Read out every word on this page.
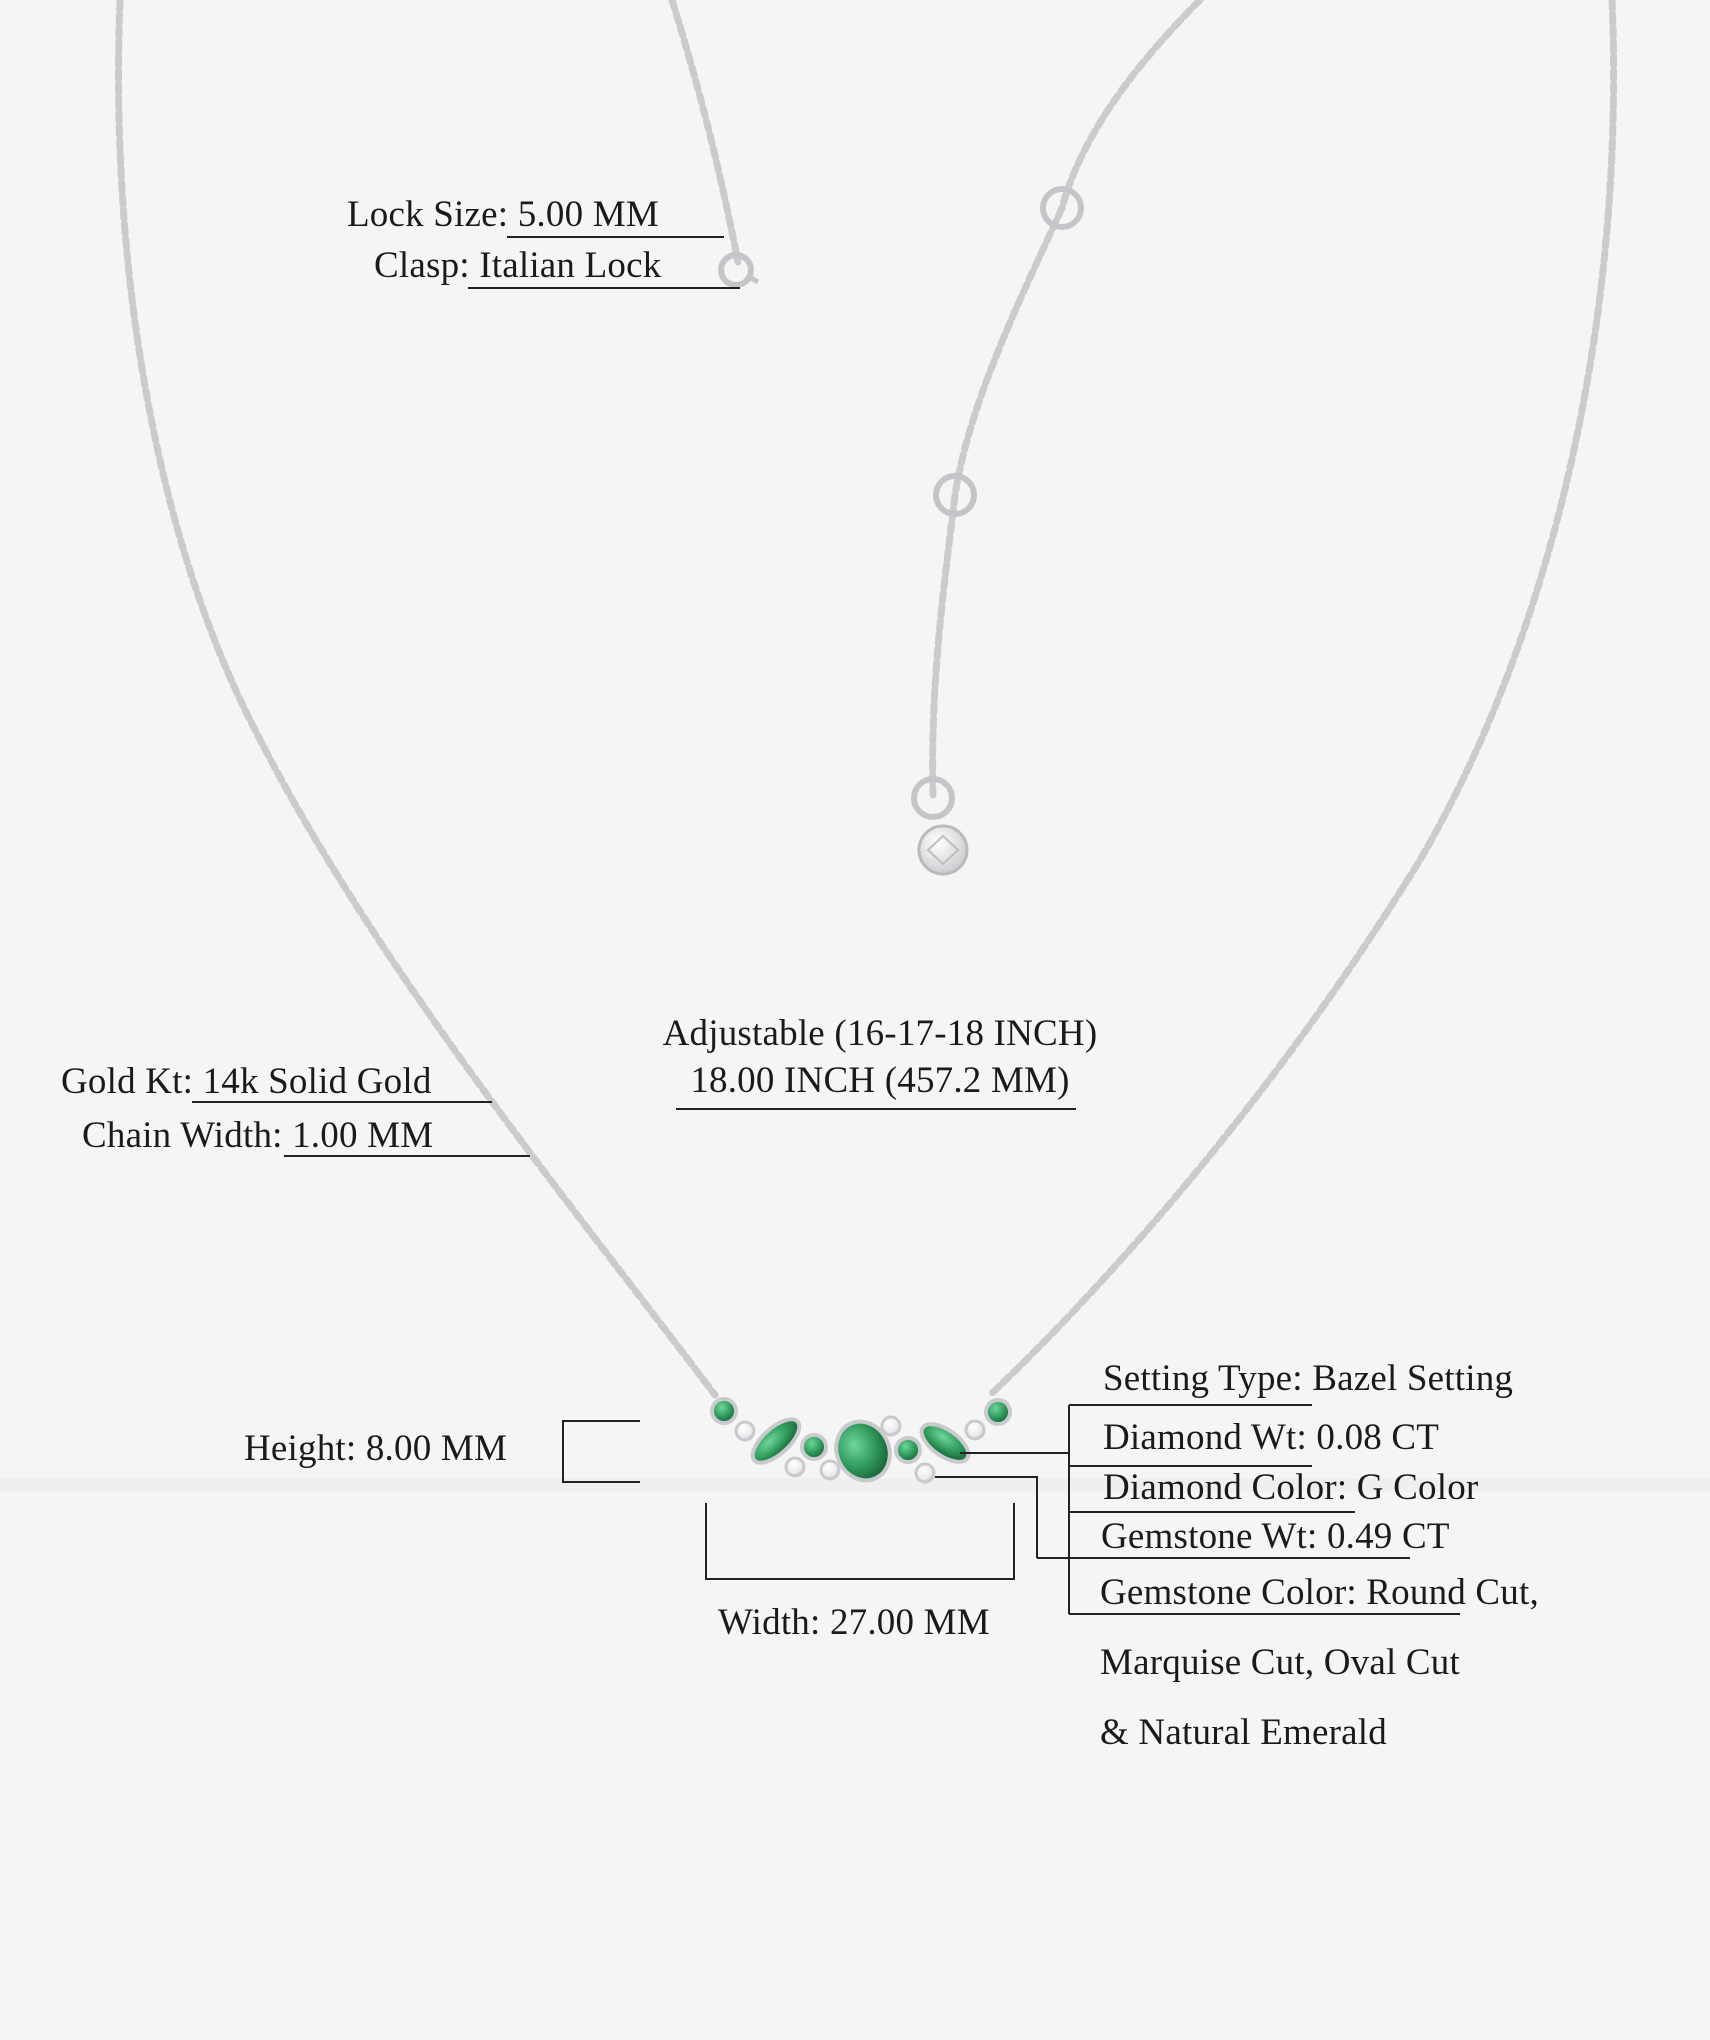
Lock Size: 5.00 MM
Clasp: Italian Lock
Adjustable (16-17-18 INCH)
18.00 INCH (457.2 MM)
Gold Kt: 14k Solid Gold
Chain Width: 1.00 MM
Height: 8.00 MM
Width: 27.00 MM
Setting Type: Bazel Setting
Diamond Wt: 0.08 CT
Diamond Color: G Color
Gemstone Wt: 0.49 CT
Gemstone Color: Round Cut,
Marquise Cut, Oval Cut
& Natural Emerald
